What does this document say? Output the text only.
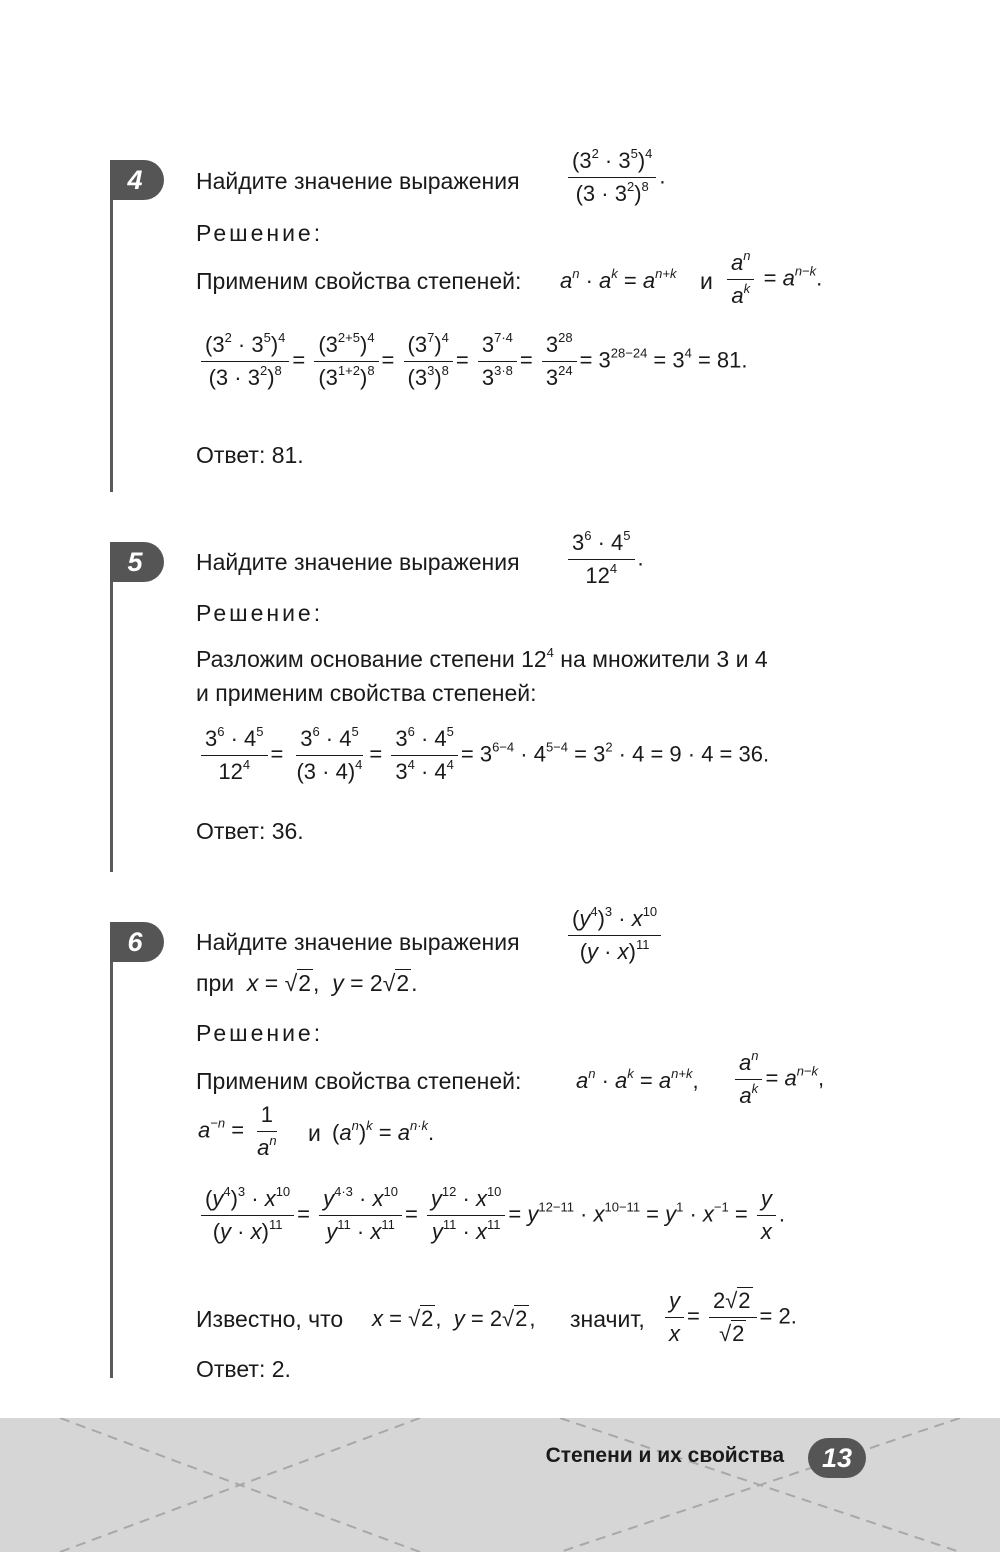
4	Найдите значение выражения $\frac{(3^2 \cdot 3^5)^4}{(3 \cdot 3^2)^8}$ .
Решение:
Применим свойства степеней: $a^n \cdot a^k = a^{n+k}$ и $\frac{a^n}{a^k} = a^{n-k}$.
$\frac{(3^2 \cdot 3^5)^4}{(3 \cdot 3^2)^8} = \frac{(3^{2+5})^4}{(3^{1+2})^8} = \frac{(3^7)^4}{(3^3)^8} = \frac{3^{7\cdot 4}}{3^{3\cdot 8}} = \frac{3^{28}}{3^{24}} = 3^{28-24} = 3^4 = 81$.
Ответ: 81.
5	Найдите значение выражения $\frac{3^6 \cdot 4^5}{12^4}$ .
Решение:
Разложим основание степени $12^4$ на множители 3 и 4
и применим свойства степеней:
$\frac{3^6 \cdot 4^5}{12^4} = \frac{3^6 \cdot 4^5}{(3 \cdot 4)^4} = \frac{3^6 \cdot 4^5}{3^4 \cdot 4^4} = 3^{6-4} \cdot 4^{5-4} = 3^2 \cdot 4 = 9 \cdot 4 = 36$.
Ответ: 36.
6	Найдите значение выражения $\frac{(y^4)^3 \cdot x^{10}}{(y \cdot x)^{11}}$
при x = √2,  y = 2√2.
Решение:
Применим свойства степеней: $a^n \cdot a^k = a^{n+k}$, $\frac{a^n}{a^k} = a^{n-k}$,
$a^{-n} = \frac{1}{a^n}$ и $(a^n)^k = a^{n\cdot k}$.
$\frac{(y^4)^3 \cdot x^{10}}{(y \cdot x)^{11}} = \frac{y^{4\cdot 3} \cdot x^{10}}{y^{11} \cdot x^{11}} = \frac{y^{12} \cdot x^{10}}{y^{11} \cdot x^{11}} = y^{12-11} \cdot x^{10-11} = y^1 \cdot x^{-1} = \frac{y}{x}$ .
Известно, что x = √2,  y = 2√2, значит, $\frac{y}{x} = \frac{2√2}{√2} = 2$.
Ответ: 2.
Степени и их свойства	13
